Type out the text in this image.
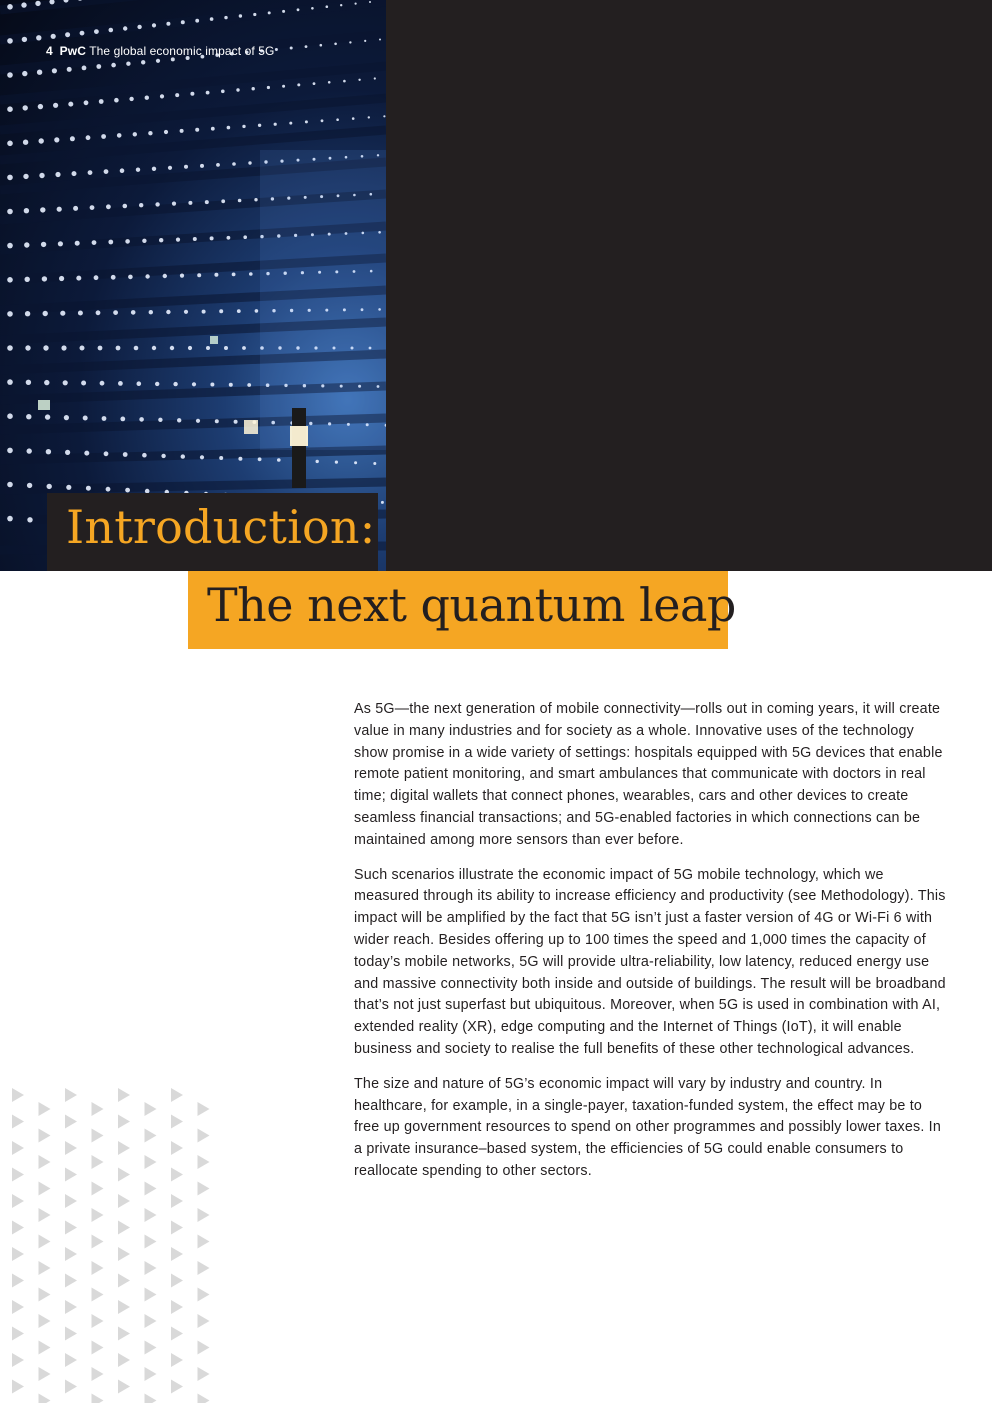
4 PwC The global economic impact of 5G
Introduction:
The next quantum leap

As 5G—the next generation of mobile connectivity—rolls out in coming years, it will create value in many industries and for society as a whole. Innovative uses of the technology show promise in a wide variety of settings: hospitals equipped with 5G devices that enable remote patient monitoring, and smart ambulances that communicate with doctors in real time; digital wallets that connect phones, wearables, cars and other devices to create seamless financial transactions; and 5G-enabled factories in which connections can be maintained among more sensors than ever before.

Such scenarios illustrate the economic impact of 5G mobile technology, which we measured through its ability to increase efficiency and productivity (see Methodology). This impact will be amplified by the fact that 5G isn’t just a faster version of 4G or Wi-Fi 6 with wider reach. Besides offering up to 100 times the speed and 1,000 times the capacity of today’s mobile networks, 5G will provide ultra-reliability, low latency, reduced energy use and massive connectivity both inside and outside of buildings. The result will be broadband that’s not just superfast but ubiquitous. Moreover, when 5G is used in combination with AI, extended reality (XR), edge computing and the Internet of Things (IoT), it will enable business and society to realise the full benefits of these other technological advances.

The size and nature of 5G’s economic impact will vary by industry and country. In healthcare, for example, in a single-payer, taxation-funded system, the effect may be to free up government resources to spend on other programmes and possibly lower taxes. In a private insurance–based system, the efficiencies of 5G could enable consumers to reallocate spending to other sectors.
